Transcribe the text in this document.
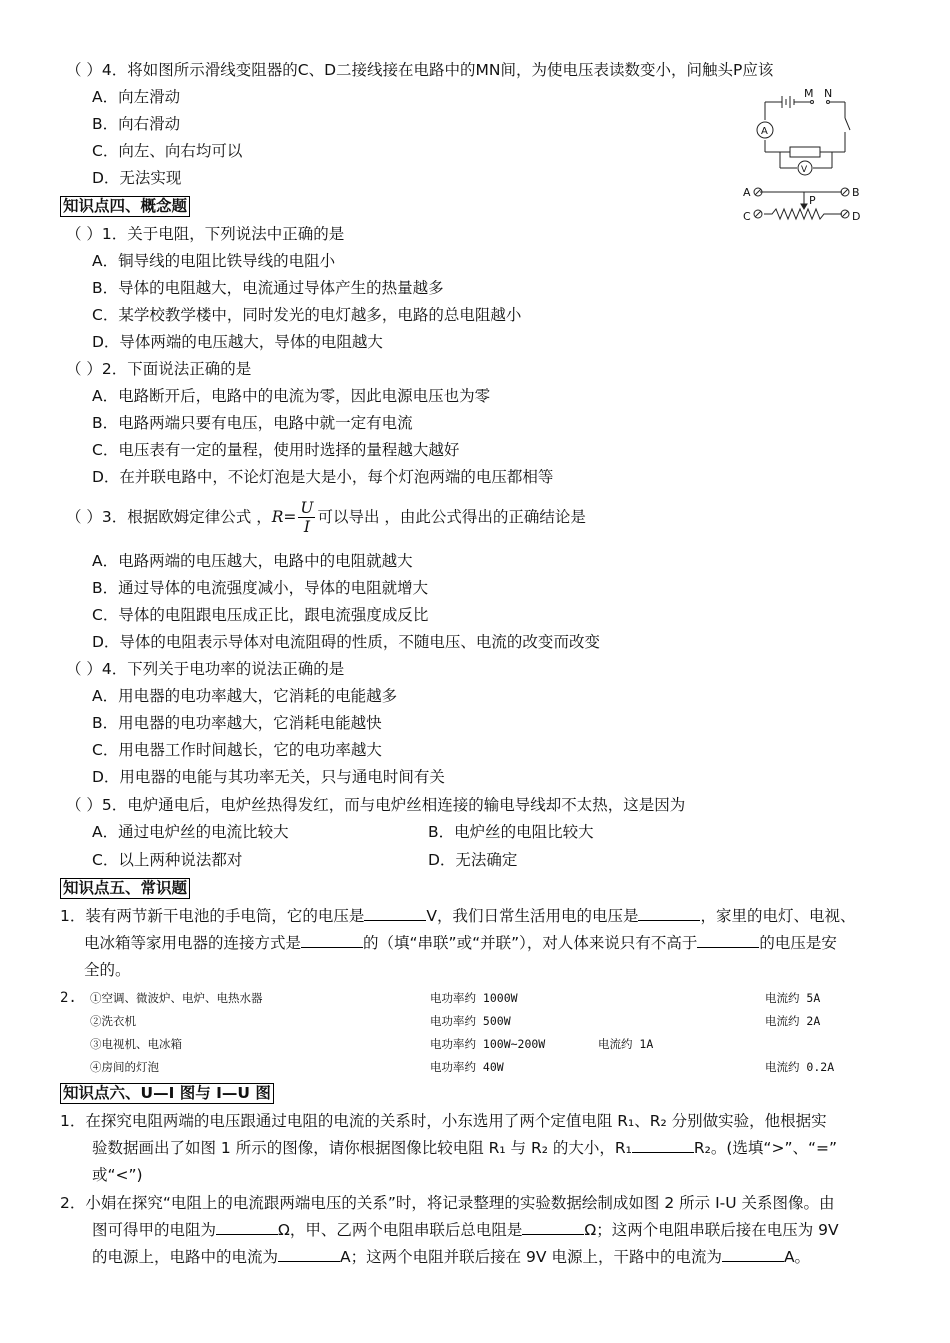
（ ）4．将如图所示滑线变阻器的C、D二接线接在电路中的MN间，为使电压表读数变小，问触头P应该
A．向左滑动
B．向右滑动
C．向左、向右均可以
D．无法实现
M N
A
V
A	B
C	D
P
知识点四、概念题
（ ）1．关于电阻，下列说法中正确的是
A．铜导线的电阻比铁导线的电阻小
B．导体的电阻越大，电流通过导体产生的热量越多
C．某学校教学楼中，同时发光的电灯越多，电路的总电阻越小
D．导体两端的电压越大，导体的电阻越大
（ ）2．下面说法正确的是
A．电路断开后，电路中的电流为零，因此电源电压也为零
B．电路两端只要有电压，电路中就一定有电流
C．电压表有一定的量程，使用时选择的量程越大越好
D．在并联电路中，不论灯泡是大是小，每个灯泡两端的电压都相等
（ ）3．根据欧姆定律公式 ，$R= \frac{U}{I}$ 可以导出 ，由此公式得出的正确结论是
A．电路两端的电压越大，电路中的电阻就越大
B．通过导体的电流强度减小，导体的电阻就增大
C．导体的电阻跟电压成正比，跟电流强度成反比
D．导体的电阻表示导体对电流阻碍的性质，不随电压、电流的改变而改变
（ ）4．下列关于电功率的说法正确的是
A．用电器的电功率越大，它消耗的电能越多
B．用电器的电功率越大，它消耗电能越快
C．用电器工作时间越长，它的电功率越大
D．用电器的电能与其功率无关，只与通电时间有关
（ ）5．电炉通电后，电炉丝热得发红，而与电炉丝相连接的输电导线却不太热，这是因为
A．通过电炉丝的电流比较大	B．电炉丝的电阻比较大
C．以上两种说法都对	D．无法确定
知识点五、常识题
1．装有两节新干电池的手电筒，它的电压是	V，我们日常生活用电的电压是	，家里的电灯、电视、
电冰箱等家用电器的连接方式是	的（填“串联”或“并联”），对人体来说只有不高于	的电压是安
全的。
2. ①空调、微波炉、电炉、电热水器	电功率约 1000W	电流约 5A
②洗衣机	电功率约 500W	电流约 2A
③电视机、电冰箱	电功率约 100W~200W	电流约 1A
④房间的灯泡	电功率约 40W	电流约 0.2A
知识点六、U—I 图与 I—U 图
1．在探究电阻两端的电压跟通过电阻的电流的关系时，小东选用了两个定值电阻 R₁、R₂ 分别做实验，他根据实
验数据画出了如图 1 所示的图像，请你根据图像比较电阻 R₁ 与 R₂ 的大小，R₁	R₂。(选填“>”、“=”
或“<”)
2．小娟在探究“电阻上的电流跟两端电压的关系”时，将记录整理的实验数据绘制成如图 2 所示 I-U 关系图像。由
图可得甲的电阻为	Ω，甲、乙两个电阻串联后总电阻是	Ω；这两个电阻串联后接在电压为 9V
的电源上，电路中的电流为	A；这两个电阻并联后接在 9V 电源上，干路中的电流为	A。
